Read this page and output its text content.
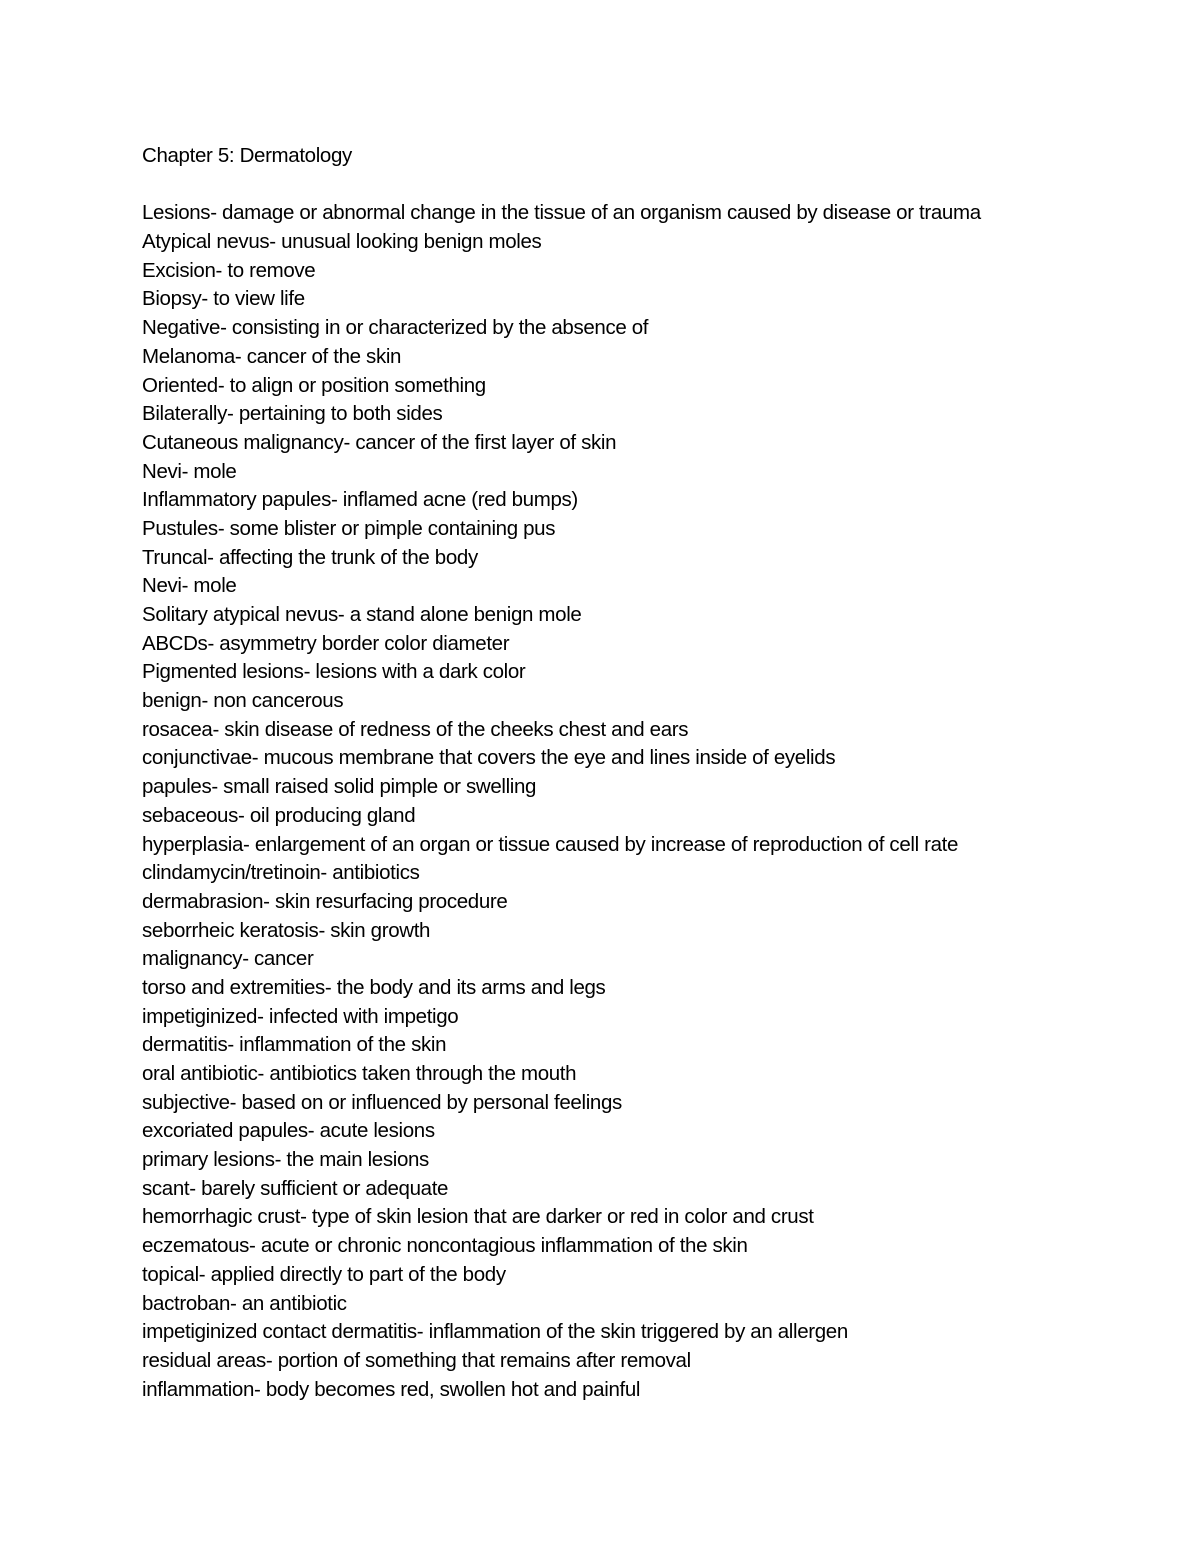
Chapter 5: Dermatology
Lesions- damage or abnormal change in the tissue of an organism caused by disease or trauma
Atypical nevus- unusual looking benign moles
Excision- to remove
Biopsy- to view life
Negative- consisting in or characterized by the absence of
Melanoma- cancer of the skin
Oriented- to align or position something
Bilaterally- pertaining to both sides
Cutaneous malignancy- cancer of the first layer of skin
Nevi- mole
Inflammatory papules- inflamed acne (red bumps)
Pustules- some blister or pimple containing pus
Truncal- affecting the trunk of the body
Nevi- mole
Solitary atypical nevus- a stand alone benign mole
ABCDs- asymmetry border color diameter
Pigmented lesions- lesions with a dark color
benign- non cancerous
rosacea- skin disease of redness of the cheeks chest and ears
conjunctivae- mucous membrane that covers the eye and lines inside of eyelids
papules- small raised solid pimple or swelling
sebaceous- oil producing gland
hyperplasia- enlargement of an organ or tissue caused by increase of reproduction of cell rate
clindamycin/tretinoin- antibiotics
dermabrasion- skin resurfacing procedure
seborrheic keratosis- skin growth
malignancy- cancer
torso and extremities- the body and its arms and legs
impetiginized- infected with impetigo
dermatitis- inflammation of the skin
oral antibiotic- antibiotics taken through the mouth
subjective- based on or influenced by personal feelings
excoriated papules- acute lesions
primary lesions- the main lesions
scant- barely sufficient or adequate
hemorrhagic crust- type of skin lesion that are darker or red in color and crust
eczematous- acute or chronic noncontagious inflammation of the skin
topical- applied directly to part of the body
bactroban- an antibiotic
impetiginized contact dermatitis- inflammation of the skin triggered by an allergen
residual areas- portion of something that remains after removal
inflammation- body becomes red, swollen hot and painful
